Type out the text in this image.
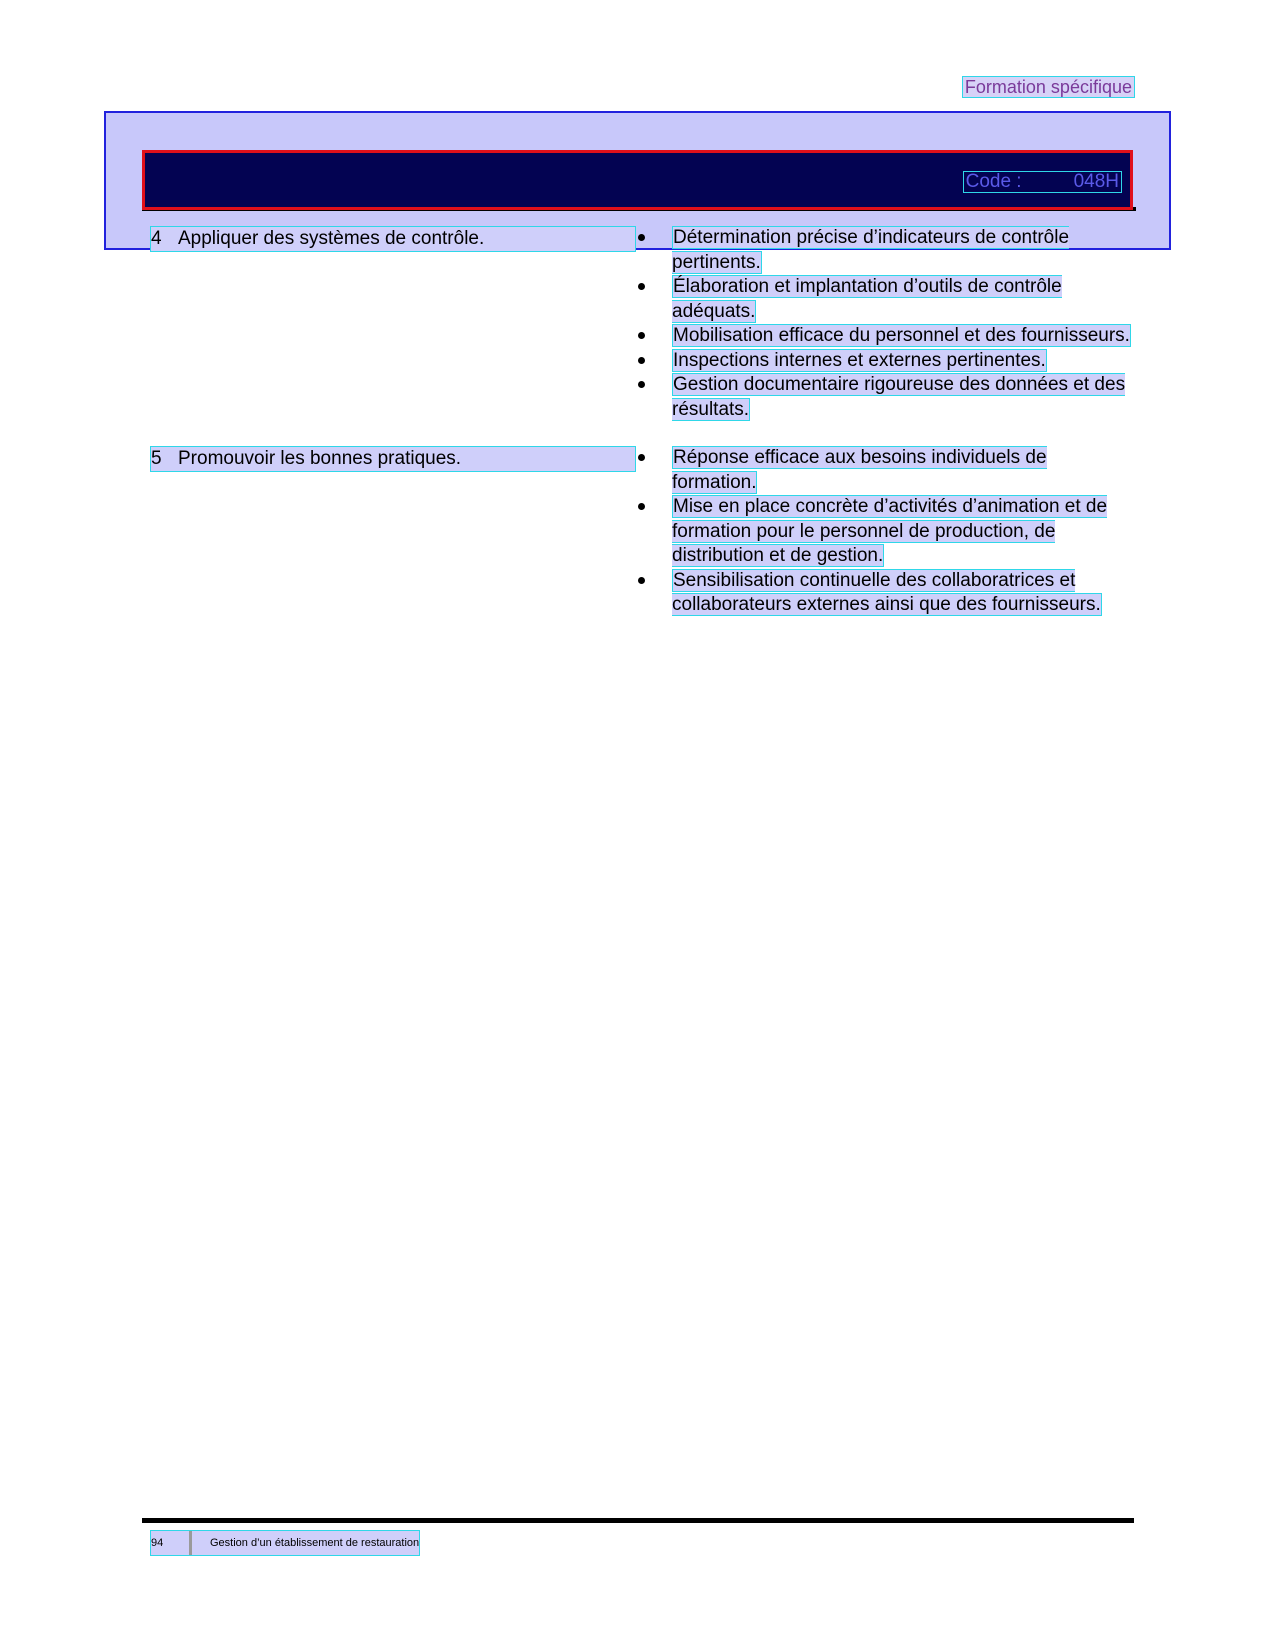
Formation spécifique
Code :	048H
4 Appliquer des systèmes de contrôle.	Détermination précise d’indicateurs de contrôle pertinents.
Élaboration et implantation d’outils de contrôle adéquats.
Mobilisation efficace du personnel et des fournisseurs.
Inspections internes et externes pertinentes.
Gestion documentaire rigoureuse des données et des résultats.
5 Promouvoir les bonnes pratiques.	Réponse efficace aux besoins individuels de formation.
Mise en place concrète d’activités d’animation et de formation pour le personnel de production, de distribution et de gestion.
Sensibilisation continuelle des collaboratrices et collaborateurs externes ainsi que des fournisseurs.
94	Gestion d’un établissement de restauration
